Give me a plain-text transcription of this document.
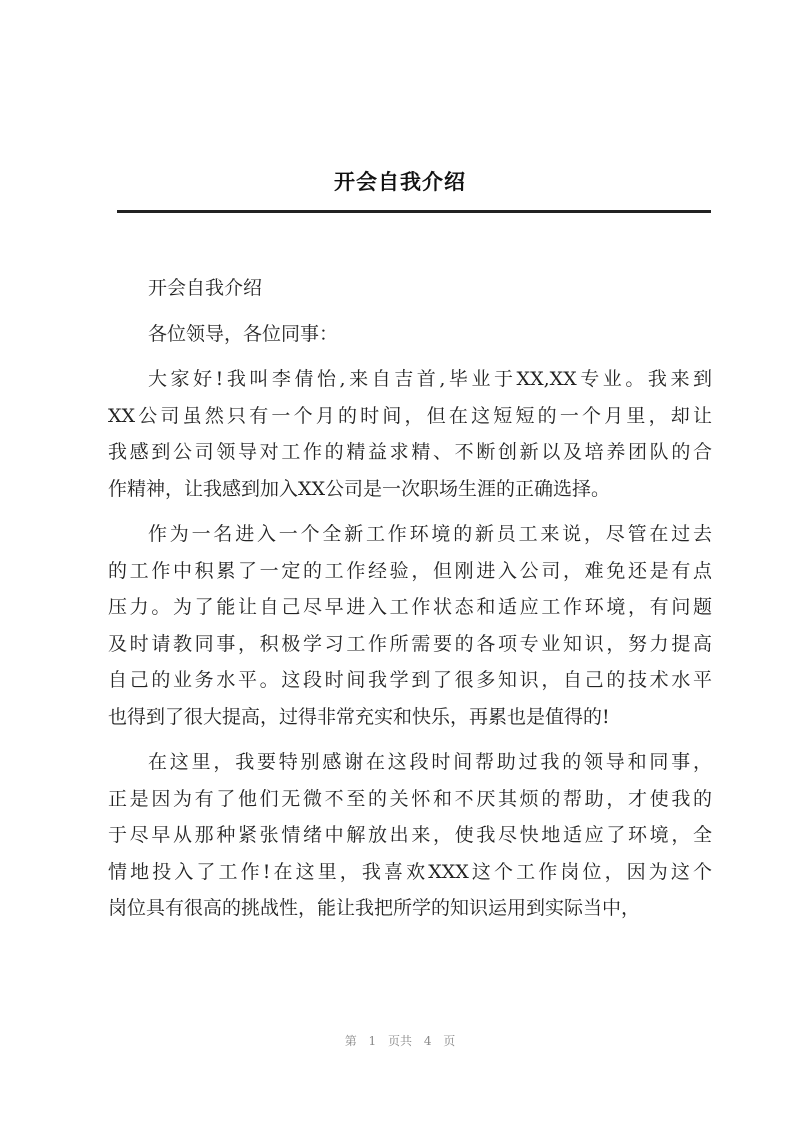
开会自我介绍
开会自我介绍
各位领导，各位同事：
大家好!我叫李倩怡,来自吉首,毕业于XX,XX专业。我来到
XX公司虽然只有一个月的时间，但在这短短的一个月里，却让
我感到公司领导对工作的精益求精、不断创新以及培养团队的合
作精神，让我感到加入XX公司是一次职场生涯的正确选择。
作为一名进入一个全新工作环境的新员工来说，尽管在过去
的工作中积累了一定的工作经验，但刚进入公司，难免还是有点
压力。为了能让自己尽早进入工作状态和适应工作环境，有问题
及时请教同事，积极学习工作所需要的各项专业知识，努力提高
自己的业务水平。这段时间我学到了很多知识，自己的技术水平
也得到了很大提高，过得非常充实和快乐，再累也是值得的!
在这里，我要特别感谢在这段时间帮助过我的领导和同事，
正是因为有了他们无微不至的关怀和不厌其烦的帮助，才使我的
于尽早从那种紧张情绪中解放出来，使我尽快地适应了环境，全
情地投入了工作!在这里，我喜欢XXX这个工作岗位，因为这个
岗位具有很高的挑战性，能让我把所学的知识运用到实际当中，
第 1 页共 4 页
